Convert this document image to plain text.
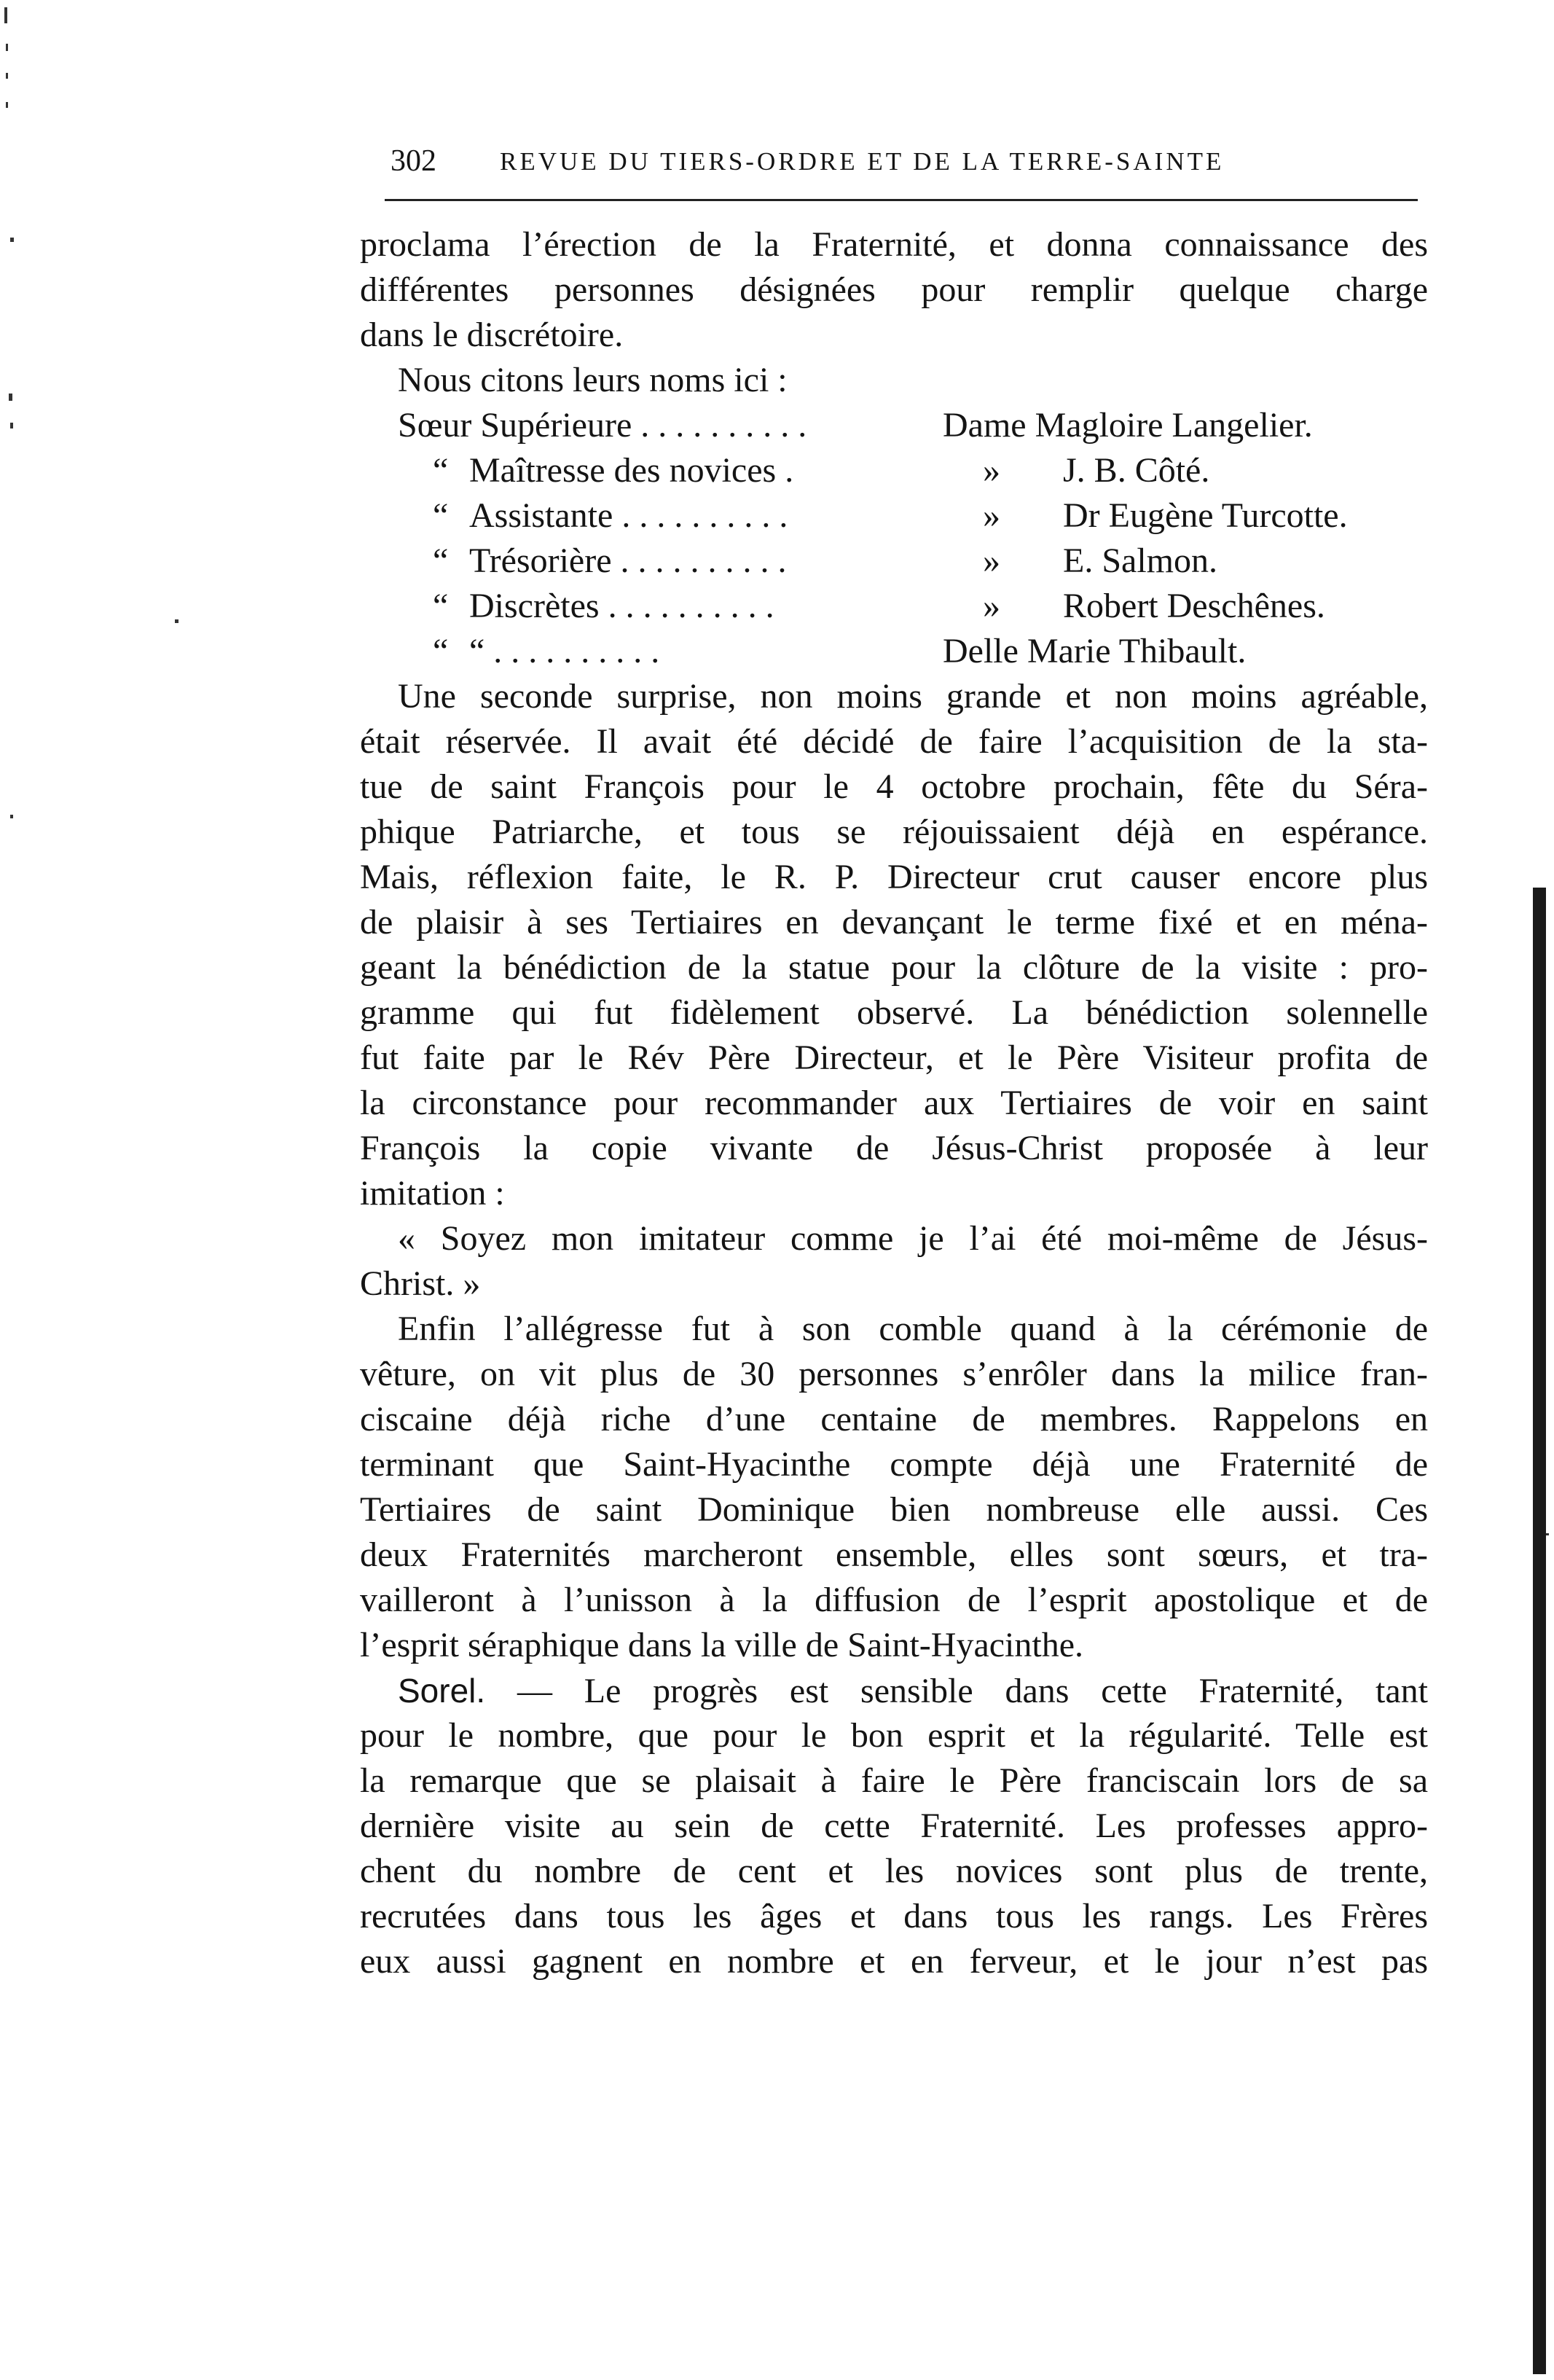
302 REVUE DU TIERS-ORDRE ET DE LA TERRE-SAINTE
proclama l’érection de la Fraternité, et donna connaissance des
différentes personnes désignées pour remplir quelque charge
dans le discrétoire.
Nous citons leurs noms ici :
Sœur Supérieure . . . . . . . . . .	Dame Magloire Langelier.
“ Maîtresse des novices .	» J. B. Côté.
“ Assistante . . . . . . . . . .	» Dr Eugène Turcotte.
“ Trésorière . . . . . . . . . .	» E. Salmon.
“ Discrètes . . . . . . . . . .	» Robert Deschênes.
“ “ . . . . . . . . . .	Delle Marie Thibault.
Une seconde surprise, non moins grande et non moins agréable,
était réservée. Il avait été décidé de faire l’acquisition de la sta-
tue de saint François pour le 4 octobre prochain, fête du Séra-
phique Patriarche, et tous se réjouissaient déjà en espérance.
Mais, réflexion faite, le R. P. Directeur crut causer encore plus
de plaisir à ses Tertiaires en devançant le terme fixé et en ména-
geant la bénédiction de la statue pour la clôture de la visite : pro-
gramme qui fut fidèlement observé. La bénédiction solennelle
fut faite par le Rév Père Directeur, et le Père Visiteur profita de
la circonstance pour recommander aux Tertiaires de voir en saint
François la copie vivante de Jésus-Christ proposée à leur
imitation :
« Soyez mon imitateur comme je l’ai été moi-même de Jésus-
Christ. »
Enfin l’allégresse fut à son comble quand à la cérémonie de
vêture, on vit plus de 30 personnes s’enrôler dans la milice fran-
ciscaine déjà riche d’une centaine de membres. Rappelons en
terminant que Saint-Hyacinthe compte déjà une Fraternité de
Tertiaires de saint Dominique bien nombreuse elle aussi. Ces
deux Fraternités marcheront ensemble, elles sont sœurs, et tra-
vailleront à l’unisson à la diffusion de l’esprit apostolique et de
l’esprit séraphique dans la ville de Saint-Hyacinthe.
Sorel. — Le progrès est sensible dans cette Fraternité, tant
pour le nombre, que pour le bon esprit et la régularité. Telle est
la remarque que se plaisait à faire le Père franciscain lors de sa
dernière visite au sein de cette Fraternité. Les professes appro-
chent du nombre de cent et les novices sont plus de trente,
recrutées dans tous les âges et dans tous les rangs. Les Frères
eux aussi gagnent en nombre et en ferveur, et le jour n’est pas
